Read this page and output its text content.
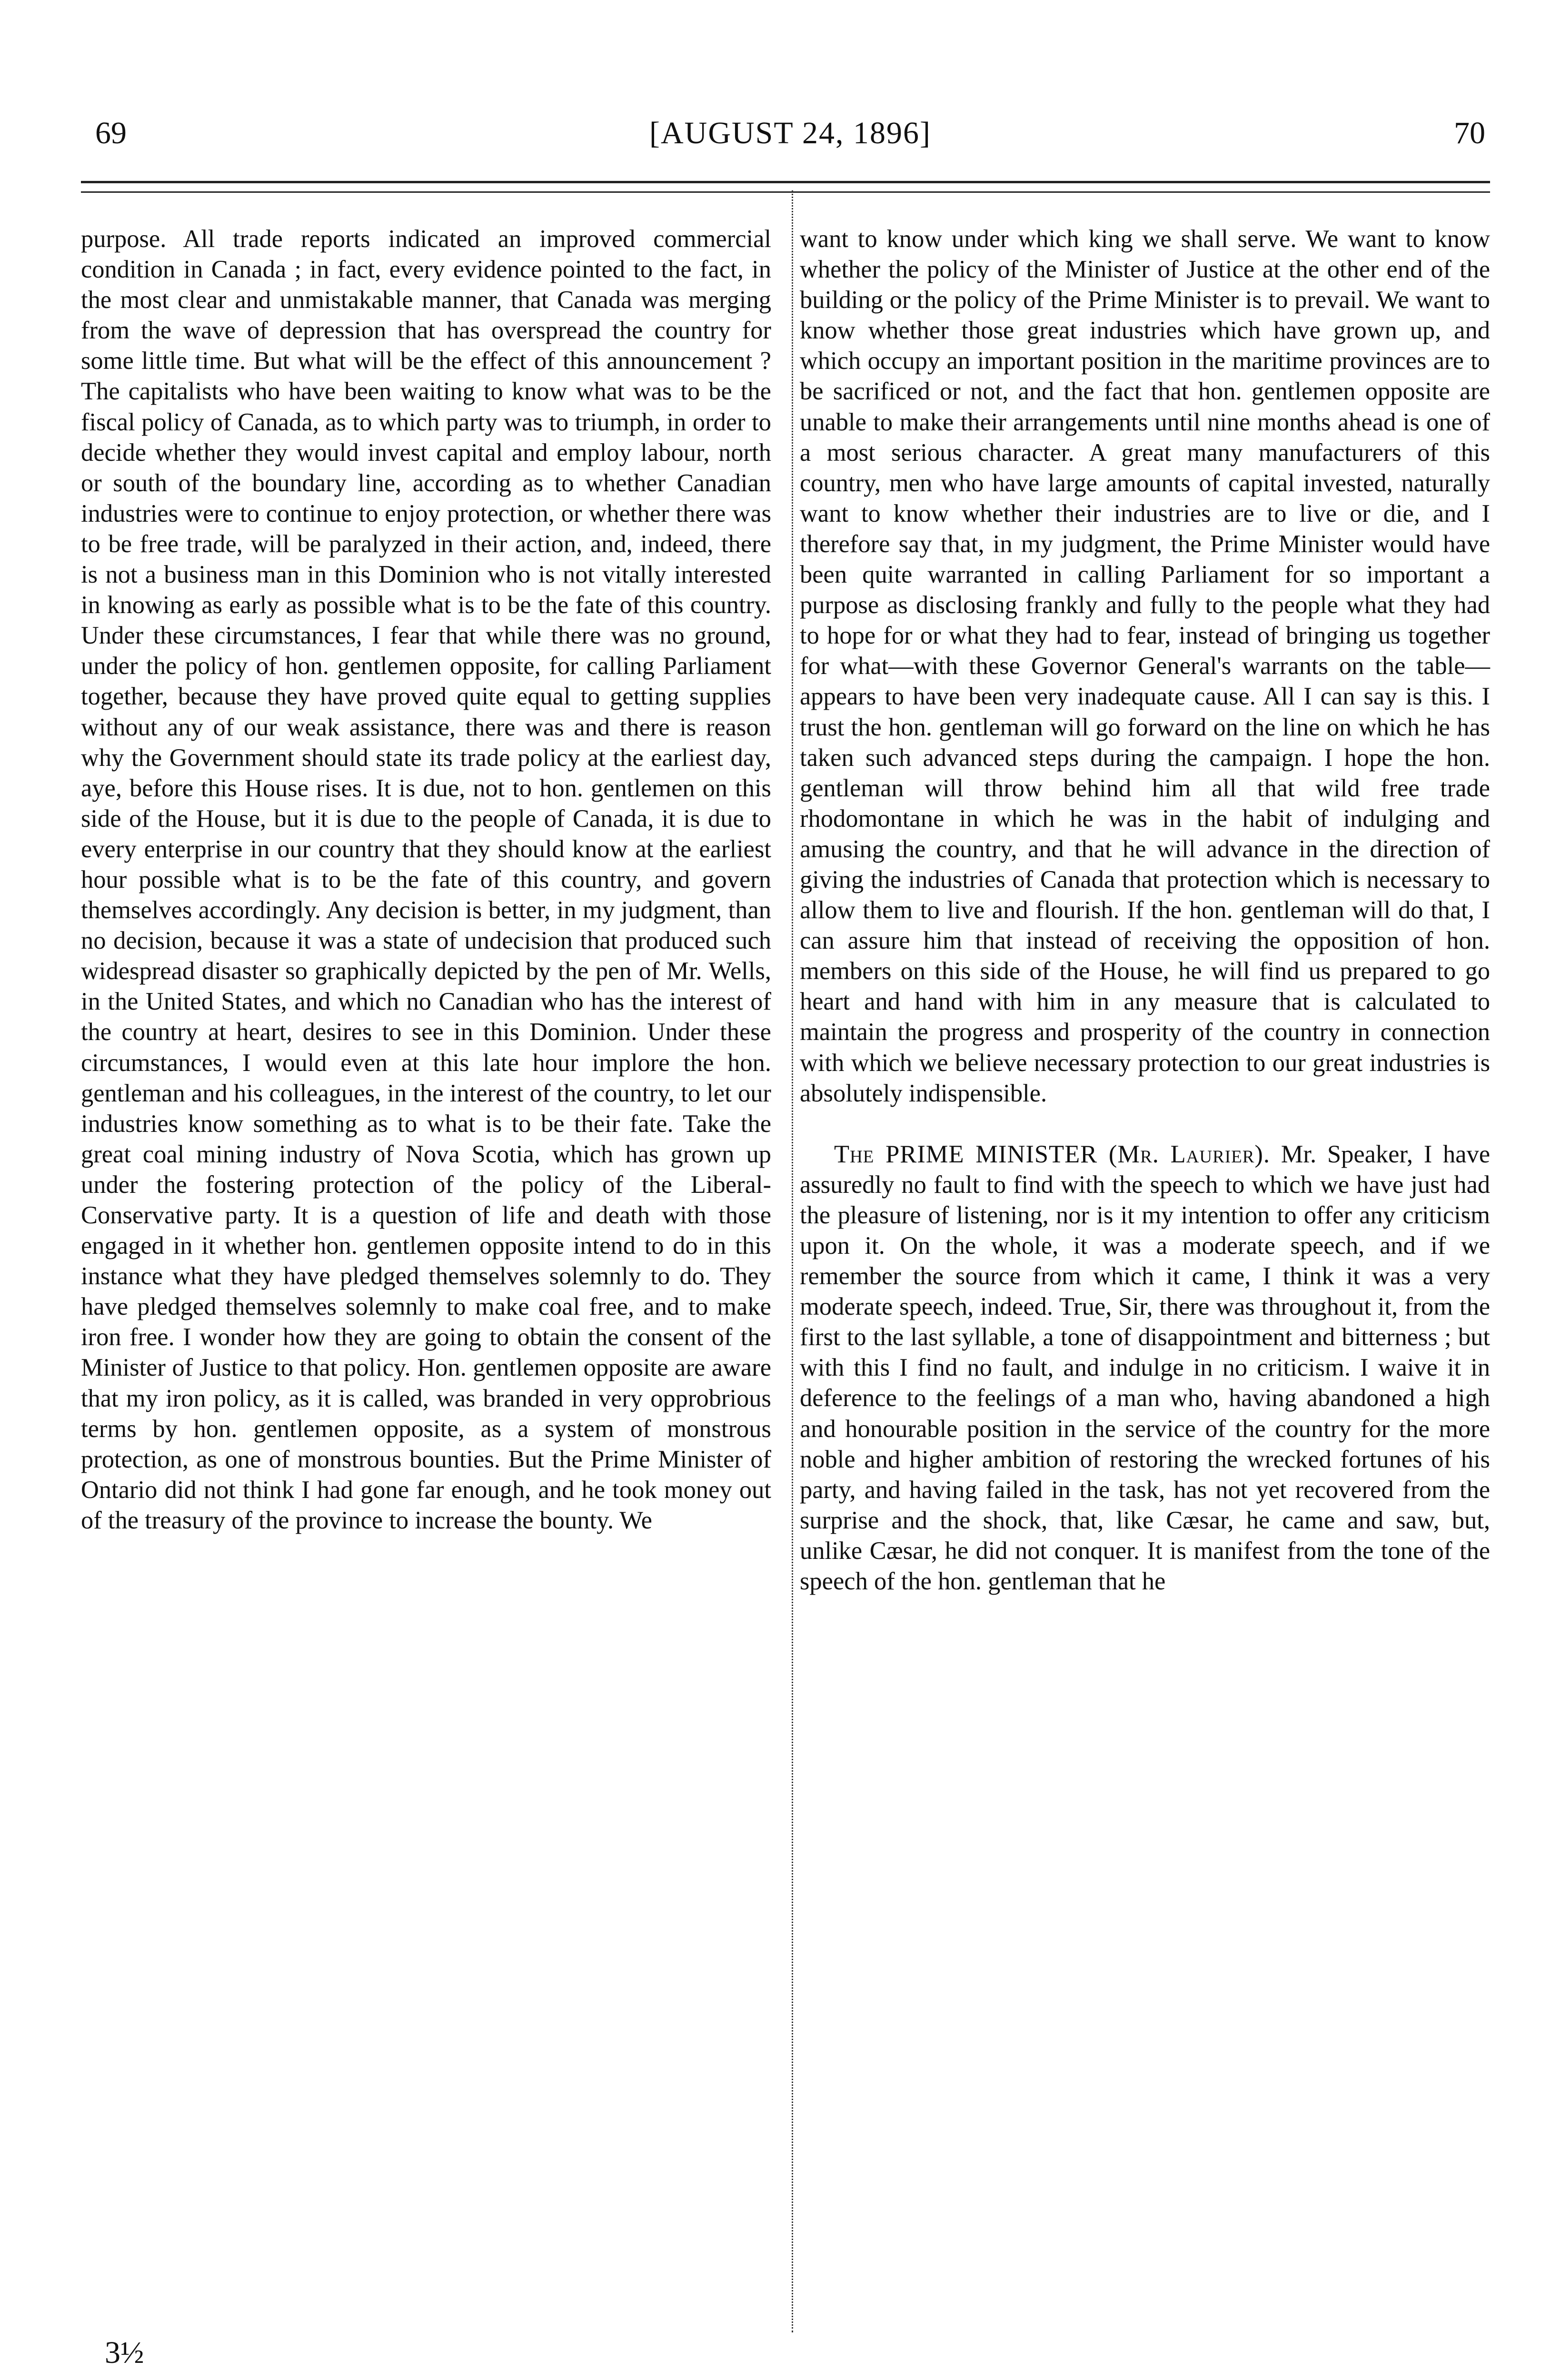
69	[AUGUST 24, 1896]	70

purpose. All trade reports indicated an improved commercial condition in Canada ; in fact, every evidence pointed to the fact, in the most clear and unmistakable manner, that Canada was merging from the wave of depression that has overspread the country for some little time. But what will be the effect of this announcement ? The capitalists who have been waiting to know what was to be the fiscal policy of Canada, as to which party was to triumph, in order to decide whether they would invest capital and employ labour, north or south of the boundary line, according as to whether Canadian industries were to continue to enjoy protection, or whether there was to be free trade, will be paralyzed in their action, and, indeed, there is not a business man in this Dominion who is not vitally interested in knowing as early as possible what is to be the fate of this country. Under these circumstances, I fear that while there was no ground, under the policy of hon. gentlemen opposite, for calling Parliament together, because they have proved quite equal to getting supplies without any of our weak assistance, there was and there is reason why the Government should state its trade policy at the earliest day, aye, before this House rises. It is due, not to hon. gentlemen on this side of the House, but it is due to the people of Canada, it is due to every enterprise in our country that they should know at the earliest hour possible what is to be the fate of this country, and govern themselves accordingly. Any decision is better, in my judgment, than no decision, because it was a state of undecision that produced such widespread disaster so graphically depicted by the pen of Mr. Wells, in the United States, and which no Canadian who has the interest of the country at heart, desires to see in this Dominion. Under these circumstances, I would even at this late hour implore the hon. gentleman and his colleagues, in the interest of the country, to let our industries know something as to what is to be their fate. Take the great coal mining industry of Nova Scotia, which has grown up under the fostering protection of the policy of the Liberal-Conservative party. It is a question of life and death with those engaged in it whether hon. gentlemen opposite intend to do in this instance what they have pledged themselves solemnly to do. They have pledged themselves solemnly to make coal free, and to make iron free. I wonder how they are going to obtain the consent of the Minister of Justice to that policy. Hon. gentlemen opposite are aware that my iron policy, as it is called, was branded in very opprobrious terms by hon. gentlemen opposite, as a system of monstrous protection, as one of monstrous bounties. But the Prime Minister of Ontario did not think I had gone far enough, and he took money out of the treasury of the province to increase the bounty. We

want to know under which king we shall serve. We want to know whether the policy of the Minister of Justice at the other end of the building or the policy of the Prime Minister is to prevail. We want to know whether those great industries which have grown up, and which occupy an important position in the maritime provinces are to be sacrificed or not, and the fact that hon. gentlemen opposite are unable to make their arrangements until nine months ahead is one of a most serious character. A great many manufacturers of this country, men who have large amounts of capital invested, naturally want to know whether their industries are to live or die, and I therefore say that, in my judgment, the Prime Minister would have been quite warranted in calling Parliament for so important a purpose as disclosing frankly and fully to the people what they had to hope for or what they had to fear, instead of bringing us together for what—with these Governor General's warrants on the table—appears to have been very inadequate cause. All I can say is this. I trust the hon. gentleman will go forward on the line on which he has taken such advanced steps during the campaign. I hope the hon. gentleman will throw behind him all that wild free trade rhodomontane in which he was in the habit of indulging and amusing the country, and that he will advance in the direction of giving the industries of Canada that protection which is necessary to allow them to live and flourish. If the hon. gentleman will do that, I can assure him that instead of receiving the opposition of hon. members on this side of the House, he will find us prepared to go heart and hand with him in any measure that is calculated to maintain the progress and prosperity of the country in connection with which we believe necessary protection to our great industries is absolutely indispensible.

The PRIME MINISTER (Mr. Laurier). Mr. Speaker, I have assuredly no fault to find with the speech to which we have just had the pleasure of listening, nor is it my intention to offer any criticism upon it. On the whole, it was a moderate speech, and if we remember the source from which it came, I think it was a very moderate speech, indeed. True, Sir, there was throughout it, from the first to the last syllable, a tone of disappointment and bitterness ; but with this I find no fault, and indulge in no criticism. I waive it in deference to the feelings of a man who, having abandoned a high and honourable position in the service of the country for the more noble and higher ambition of restoring the wrecked fortunes of his party, and having failed in the task, has not yet recovered from the surprise and the shock, that, like Cæsar, he came and saw, but, unlike Cæsar, he did not conquer. It is manifest from the tone of the speech of the hon. gentleman that he

3½
